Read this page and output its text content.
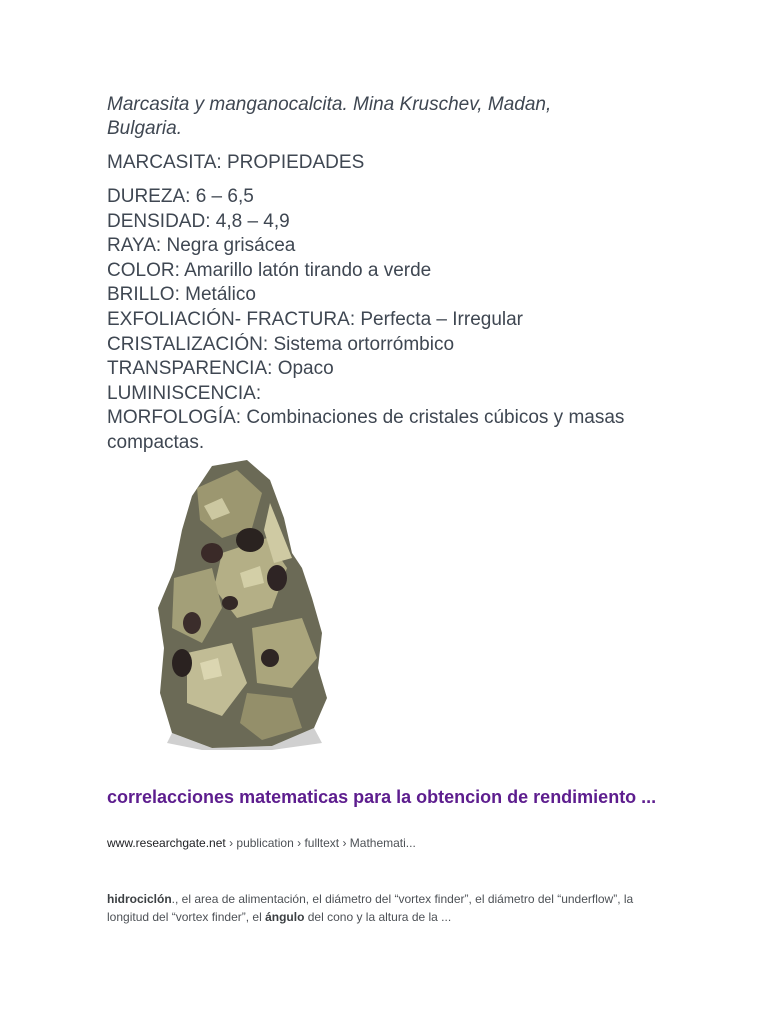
Marcasita y manganocalcita. Mina Kruschev, Madan, Bulgaria.
MARCASITA: PROPIEDADES
DUREZA: 6 – 6,5
DENSIDAD: 4,8 – 4,9
RAYA: Negra grisácea
COLOR: Amarillo latón tirando a verde
BRILLO: Metálico
EXFOLIACIÓN- FRACTURA: Perfecta – Irregular
CRISTALIZACIÓN: Sistema ortorrómbico
TRANSPARENCIA: Opaco
LUMINISCENCIA:
MORFOLOGÍA: Combinaciones de cristales cúbicos y masas compactas.
correlacciones matematicas para la obtencion de rendimiento ...
www.researchgate.net › publication › fulltext › Mathemati...
hidrociclón., el area de alimentación, el diámetro del “vortex finder”, el diámetro del “underflow”, la longitud del “vortex finder”, el ángulo del cono y la altura de la ...
